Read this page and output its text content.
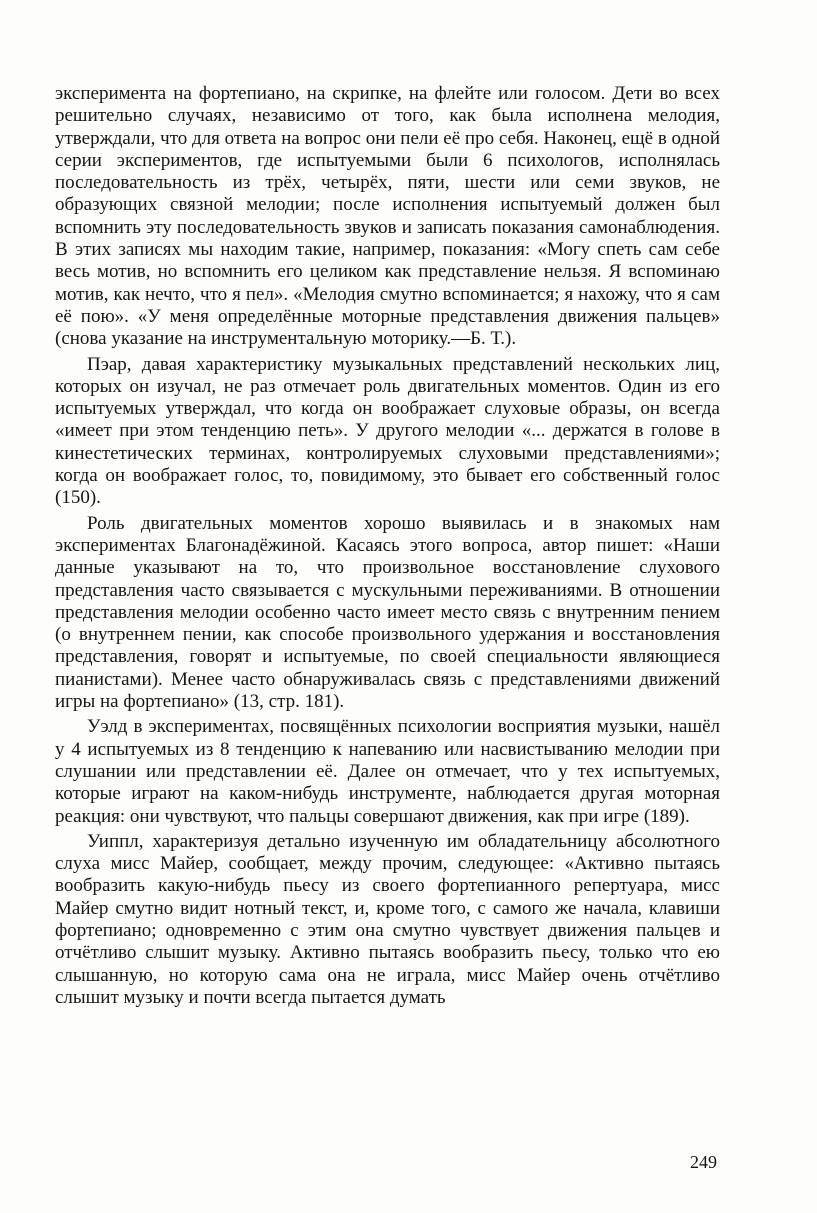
эксперимента на фортепиано, на скрипке, на флейте или голосом. Дети во всех решительно случаях, независимо от того, как была исполнена мелодия, утверждали, что для ответа на вопрос они пели её про себя. Наконец, ещё в одной серии экспериментов, где испытуемыми были 6 психологов, исполнялась последовательность из трёх, четырёх, пяти, шести или семи звуков, не образующих связной мелодии; после исполнения испытуемый должен был вспомнить эту последовательность звуков и записать показания самонаблюдения. В этих записях мы находим такие, например, показания: «Могу спеть сам себе весь мотив, но вспомнить его целиком как представление нельзя. Я вспоминаю мотив, как нечто, что я пел». «Мелодия смутно вспоминается; я нахожу, что я сам её пою». «У меня определённые моторные представления движения пальцев» (снова указание на инструментальную моторику.—Б. Т.).

Пэар, давая характеристику музыкальных представлений нескольких лиц, которых он изучал, не раз отмечает роль двигательных моментов. Один из его испытуемых утверждал, что когда он воображает слуховые образы, он всегда «имеет при этом тенденцию петь». У другого мелодии «... держатся в голове в кинестетических терминах, контролируемых слуховыми представлениями»; когда он воображает голос, то, повидимому, это бывает его собственный голос (150).

Роль двигательных моментов хорошо выявилась и в знакомых нам экспериментах Благонадёжиной. Касаясь этого вопроса, автор пишет: «Наши данные указывают на то, что произвольное восстановление слухового представления часто связывается с мускульными переживаниями. В отношении представления мелодии особенно часто имеет место связь с внутренним пением (о внутреннем пении, как способе произвольного удержания и восстановления представления, говорят и испытуемые, по своей специальности являющиеся пианистами). Менее часто обнаруживалась связь с представлениями движений игры на фортепиано» (13, стр. 181).

Уэлд в экспериментах, посвящённых психологии восприятия музыки, нашёл у 4 испытуемых из 8 тенденцию к напеванию или насвистыванию мелодии при слушании или представлении её. Далее он отмечает, что у тех испытуемых, которые играют на каком-нибудь инструменте, наблюдается другая моторная реакция: они чувствуют, что пальцы совершают движения, как при игре (189).

Уиппл, характеризуя детально изученную им обладательницу абсолютного слуха мисс Майер, сообщает, между прочим, следующее: «Активно пытаясь вообразить какую-нибудь пьесу из своего фортепианного репертуара, мисс Майер смутно видит нотный текст, и, кроме того, с самого же начала, клавиши фортепиано; одновременно с этим она смутно чувствует движения пальцев и отчётливо слышит музыку. Активно пытаясь вообразить пьесу, только что ею слышанную, но которую сама она не играла, мисс Майер очень отчётливо слышит музыку и почти всегда пытается думать

249
